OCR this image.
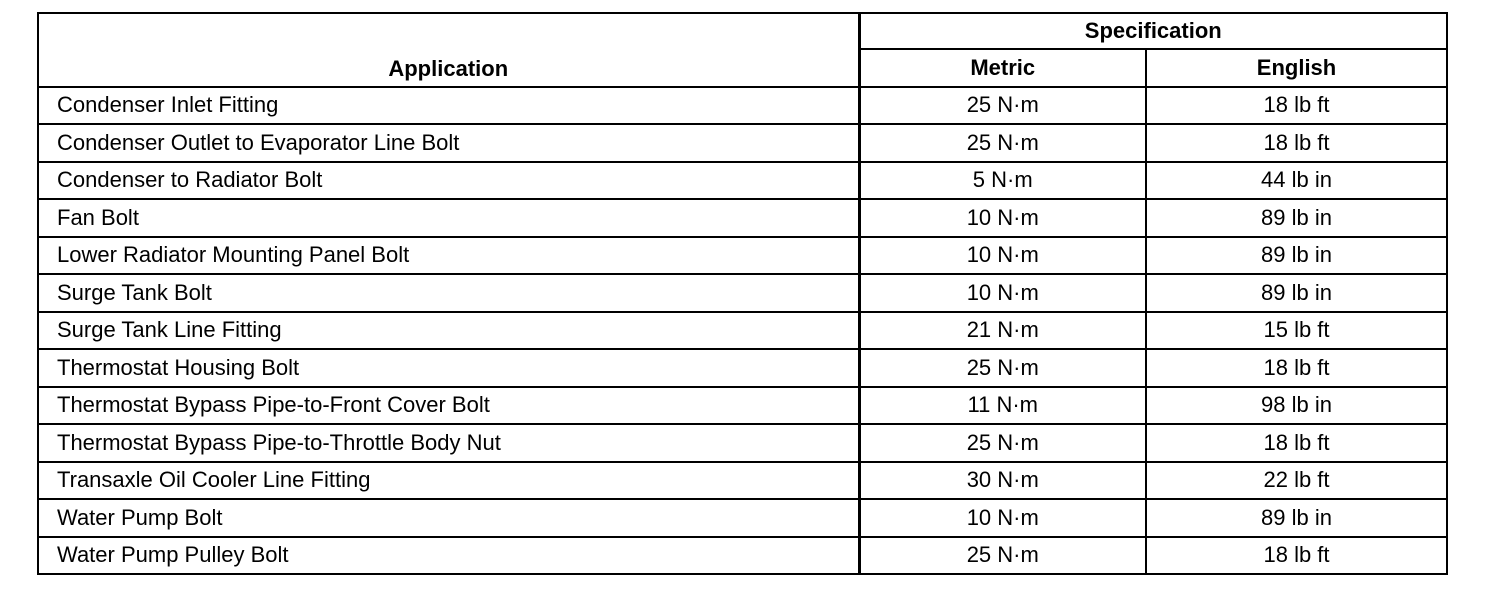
Application	Specification	
	Metric	English
Condenser Inlet Fitting	25 N·m	18 lb ft
Condenser Outlet to Evaporator Line Bolt	25 N·m	18 lb ft
Condenser to Radiator Bolt	5 N·m	44 lb in
Fan Bolt	10 N·m	89 lb in
Lower Radiator Mounting Panel Bolt	10 N·m	89 lb in
Surge Tank Bolt	10 N·m	89 lb in
Surge Tank Line Fitting	21 N·m	15 lb ft
Thermostat Housing Bolt	25 N·m	18 lb ft
Thermostat Bypass Pipe-to-Front Cover Bolt	11 N·m	98 lb in
Thermostat Bypass Pipe-to-Throttle Body Nut	25 N·m	18 lb ft
Transaxle Oil Cooler Line Fitting	30 N·m	22 lb ft
Water Pump Bolt	10 N·m	89 lb in
Water Pump Pulley Bolt	25 N·m	18 lb ft
